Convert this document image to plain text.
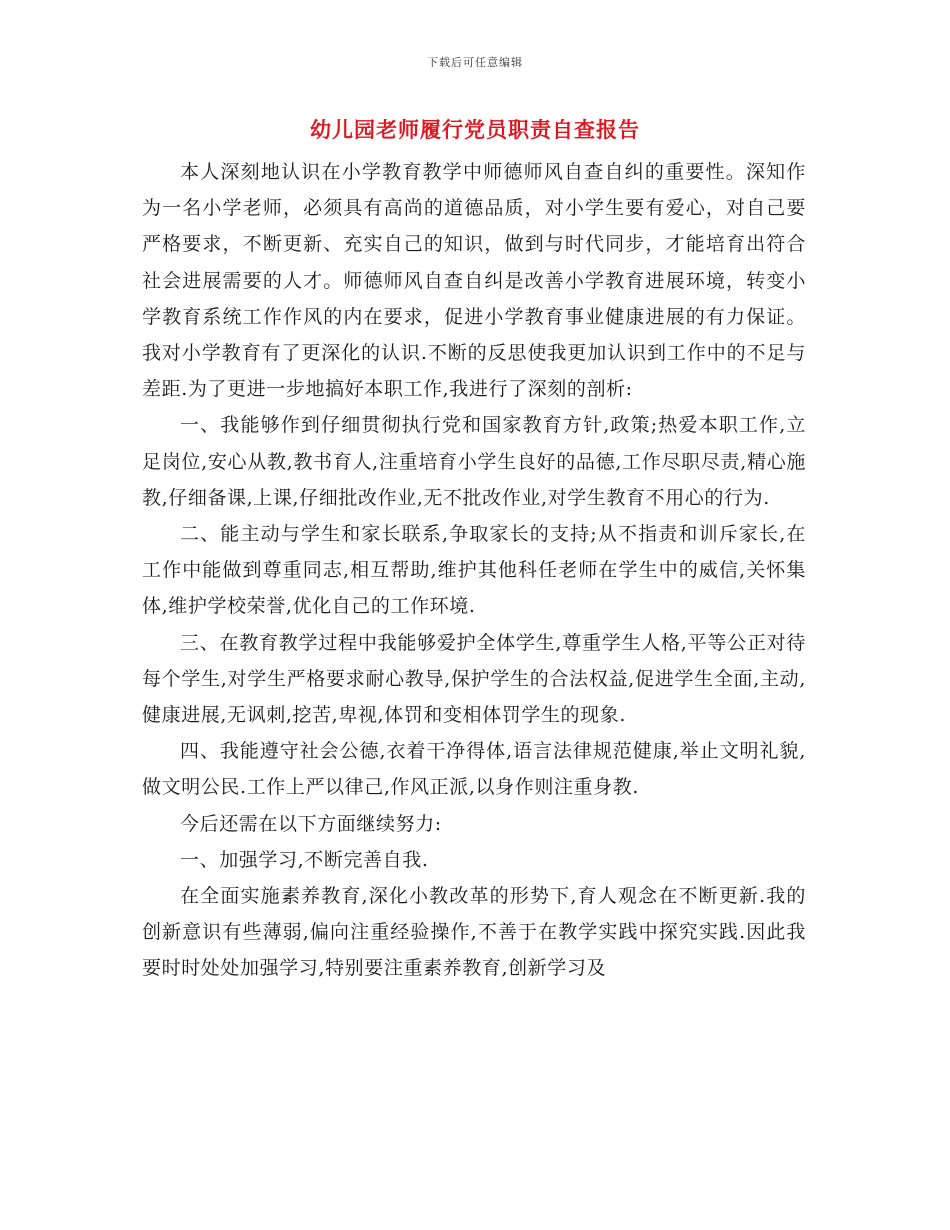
下载后可任意编辑
幼儿园老师履行党员职责自查报告

本人深刻地认识在小学教育教学中师德师风自查自纠的重要性。深知作为一名小学老师，必须具有高尚的道德品质，对小学生要有爱心，对自己要严格要求，不断更新、充实自己的知识，做到与时代同步，才能培育出符合社会进展需要的人才。师德师风自查自纠是改善小学教育进展环境，转变小学教育系统工作作风的内在要求，促进小学教育事业健康进展的有力保证。我对小学教育有了更深化的认识.不断的反思使我更加认识到工作中的不足与差距.为了更进一步地搞好本职工作,我进行了深刻的剖析:

一、我能够作到仔细贯彻执行党和国家教育方针,政策;热爱本职工作,立足岗位,安心从教,教书育人,注重培育小学生良好的品德,工作尽职尽责,精心施教,仔细备课,上课,仔细批改作业,无不批改作业,对学生教育不用心的行为.

二、能主动与学生和家长联系,争取家长的支持;从不指责和训斥家长,在工作中能做到尊重同志,相互帮助,维护其他科任老师在学生中的威信,关怀集体,维护学校荣誉,优化自己的工作环境.

三、在教育教学过程中我能够爱护全体学生,尊重学生人格,平等公正对待每个学生,对学生严格要求耐心教导,保护学生的合法权益,促进学生全面,主动,健康进展,无讽刺,挖苦,卑视,体罚和变相体罚学生的现象.

四、我能遵守社会公德,衣着干净得体,语言法律规范健康,举止文明礼貌,做文明公民.工作上严以律己,作风正派,以身作则注重身教.

今后还需在以下方面继续努力:

一、加强学习,不断完善自我.

在全面实施素养教育,深化小教改革的形势下,育人观念在不断更新.我的创新意识有些薄弱,偏向注重经验操作,不善于在教学实践中探究实践.因此我要时时处处加强学习,特别要注重素养教育,创新学习及
